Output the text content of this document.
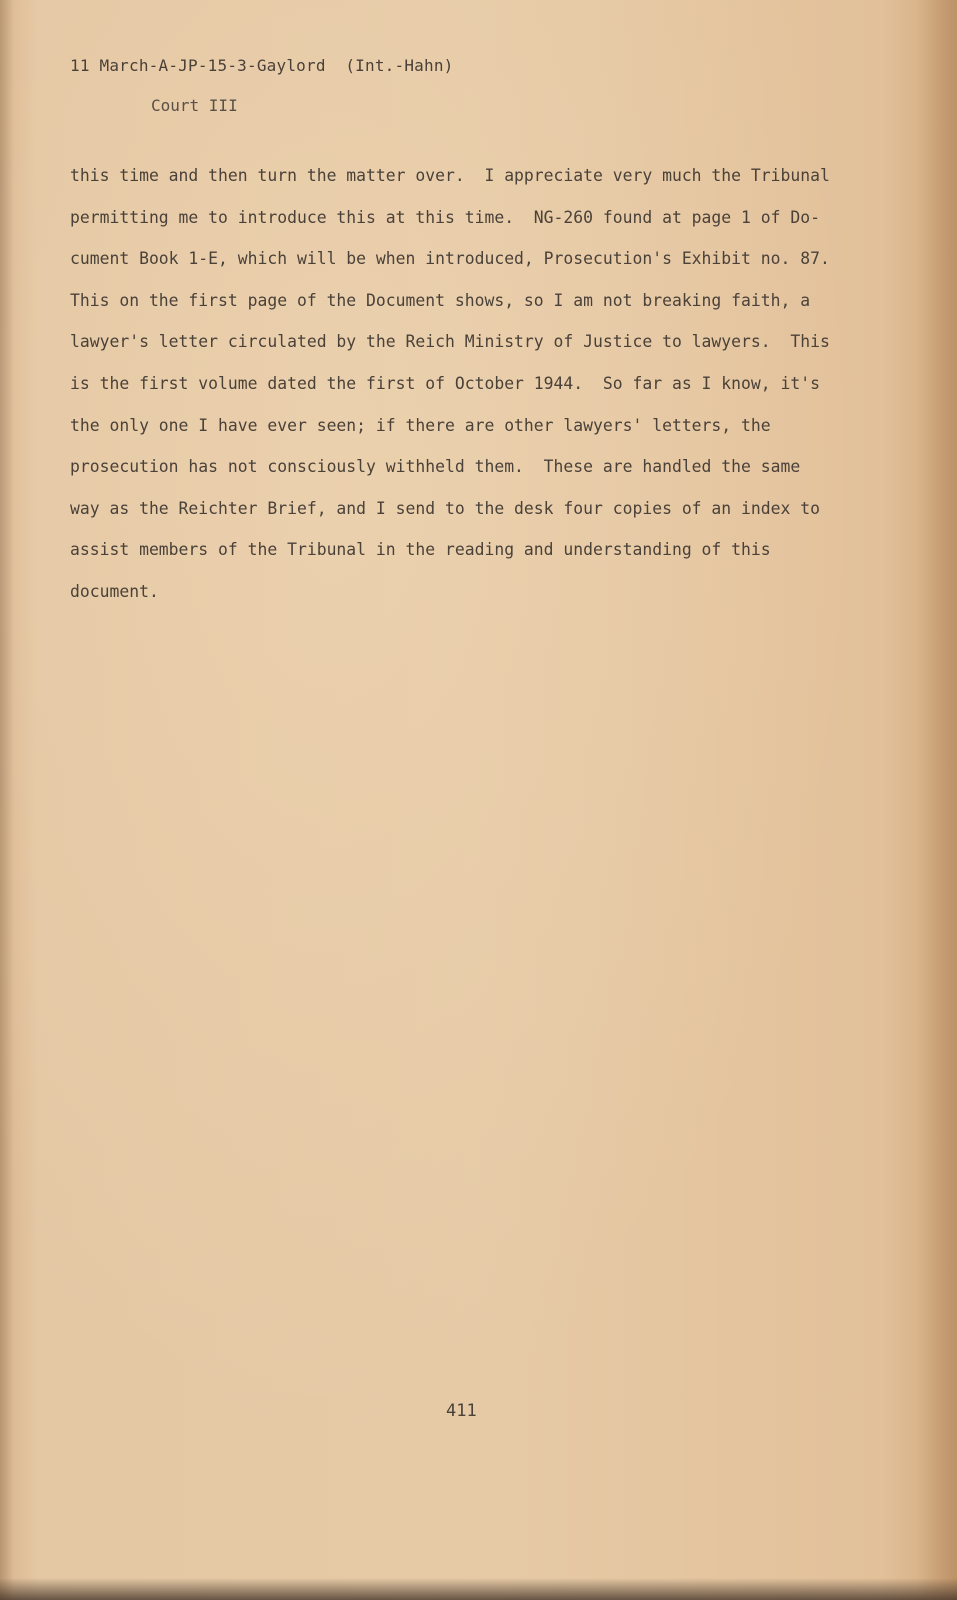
11 March-A-JP-15-3-Gaylord  (Int.-Hahn)
Court III
this time and then turn the matter over.  I appreciate very much the Tribunal
permitting me to introduce this at this time.  NG-260 found at page 1 of Do-
cument Book 1-E, which will be when introduced, Prosecution's Exhibit no. 87.
This on the first page of the Document shows, so I am not breaking faith, a
lawyer's letter circulated by the Reich Ministry of Justice to lawyers.  This
is the first volume dated the first of October 1944.  So far as I know, it's
the only one I have ever seen; if there are other lawyers' letters, the
prosecution has not consciously withheld them.  These are handled the same
way as the Reichter Brief, and I send to the desk four copies of an index to
assist members of the Tribunal in the reading and understanding of this
document.
411
